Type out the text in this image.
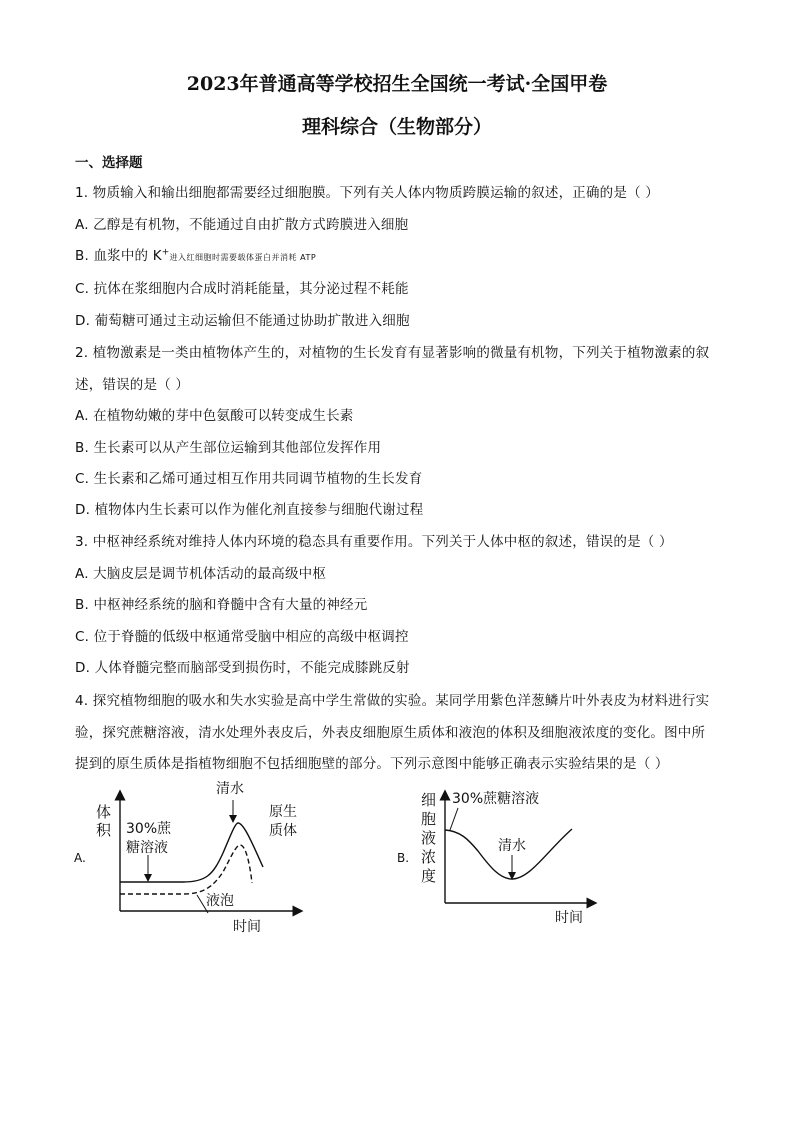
2023年普通高等学校招生全国统一考试·全国甲卷
理科综合（生物部分）
一、选择题
1. 物质输入和输出细胞都需要经过细胞膜。下列有关人体内物质跨膜运输的叙述，正确的是（ ）
A. 乙醇是有机物，不能通过自由扩散方式跨膜进入细胞
B. 血浆中的 K+进入红细胞时需要载体蛋白并消耗 ATP
C. 抗体在浆细胞内合成时消耗能量，其分泌过程不耗能
D. 葡萄糖可通过主动运输但不能通过协助扩散进入细胞
2. 植物激素是一类由植物体产生的，对植物的生长发育有显著影响的微量有机物，下列关于植物激素的叙
述，错误的是（ ）
A. 在植物幼嫩的芽中色氨酸可以转变成生长素
B. 生长素可以从产生部位运输到其他部位发挥作用
C. 生长素和乙烯可通过相互作用共同调节植物的生长发育
D. 植物体内生长素可以作为催化剂直接参与细胞代谢过程
3. 中枢神经系统对维持人体内环境的稳态具有重要作用。下列关于人体中枢的叙述，错误的是（ ）
A. 大脑皮层是调节机体活动的最高级中枢
B. 中枢神经系统的脑和脊髓中含有大量的神经元
C. 位于脊髓的低级中枢通常受脑中相应的高级中枢调控
D. 人体脊髓完整而脑部受到损伤时，不能完成膝跳反射
4. 探究植物细胞的吸水和失水实验是高中学生常做的实验。某同学用紫色洋葱鳞片叶外表皮为材料进行实
验，探究蔗糖溶液，清水处理外表皮后，外表皮细胞原生质体和液泡的体积及细胞液浓度的变化。图中所
提到的原生质体是指植物细胞不包括细胞壁的部分。下列示意图中能够正确表示实验结果的是（ ）
A.
体
积 30%蔗
糖溶液
清水
原生
质体
液泡
时间
B.
细
胞
液
浓
度
30%蔗糖溶液
清水
时间
